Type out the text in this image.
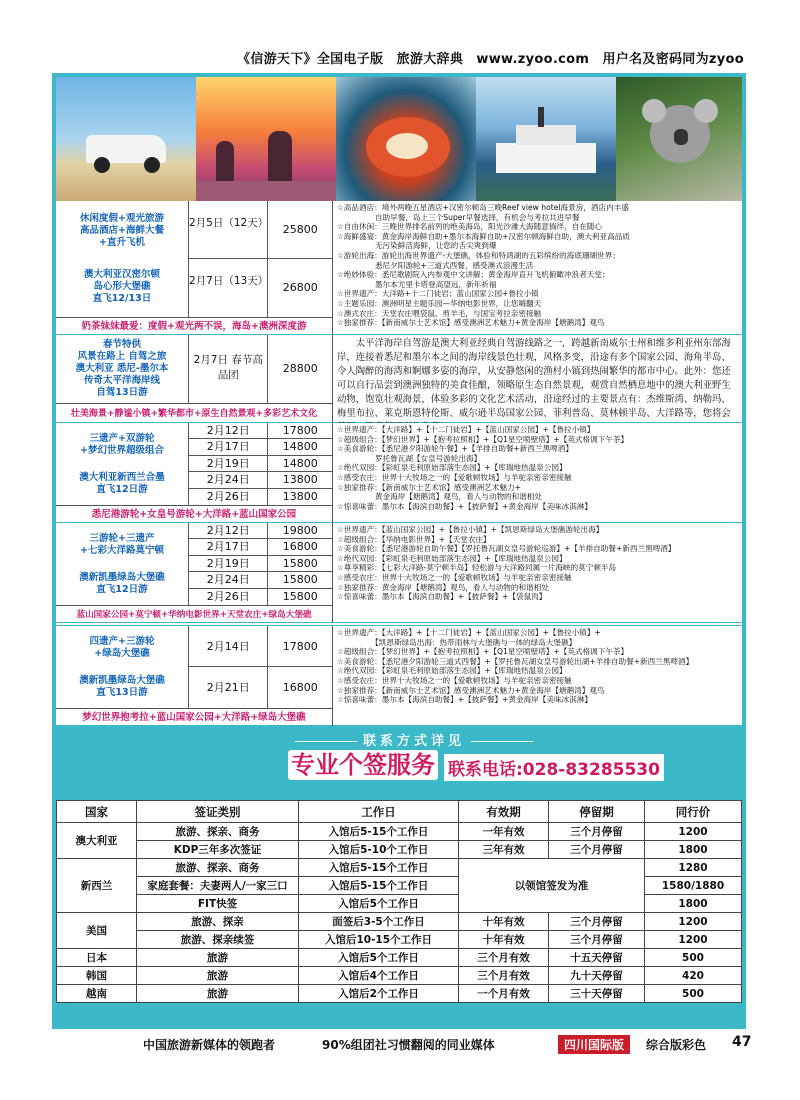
《信游天下》全国电子版　旅游大辞典　www.zyoo.com　用户名及密码同为zyoo
休闲度假+观光旅游
高品酒店+海鲜大餐
+直升飞机
澳大利亚汉密尔顿
岛心形大堡礁
直飞12/13日
2月5日（12天）	25800
2月7日（13天）	26800
奶茶妹妹最爱：度假+观光两不误，海岛+澳洲深度游
☆高品酒店：境外两晚五星酒店+汉密尔顿岛三晚Reef view hotel海景房，酒店内丰盛
　　　　　自助早餐，岛上三个Super早餐选择，有机会与考拉共进早餐
☆自由休闲：三晚世界排名前列的绝美海岛，阳光沙滩大海随意徜徉，自在随心
☆海鲜盛宴：黄金海岸海鲜自助+墨尔本海鲜自助+汉密尔顿海鲜自助，澳大利亚高品质
　　　　　无污染鲜活海鲜，让您的舌尖爽到爆
☆游轮出海：游轮出海世界遗产-大堡礁，体验和特鸿湖的五彩缤纷的海底珊瑚世界；
　　　　　悉尼夕阳游轮+三道式西餐，感受澳式浪漫生活
☆绝妙体验：悉尼歌剧院入内参观中文讲解；黄金海岸直升飞机俯瞰冲浪者天堂；
　　　　　墨尔本尤里卡塔登高望远，新年祈福
☆世界遗产：大洋路+十二门徒岩；蓝山国家公园+鲁拉小镇
☆主题乐园：澳洲明星主题乐园—华纳电影世界，让您嗨翻天
☆澳式农庄：天堂农庄喂袋鼠、剪羊毛，与国宝考拉亲密接触
☆独家推荐：【新南威尔士艺术馆】感受澳洲艺术魅力+黄金海岸【塘鹅湾】观鸟
春节特供
风景在路上 自驾之旅
澳大利亚 悉尼-墨尔本
传奇太平洋海岸线
自驾13日游
2月7日 春节高品团	28800
壮美海景+静谧小镇+繁华都市+原生自然景观+多彩艺术文化
太平洋海岸自驾游是澳大利亚经典自驾游线路之一，跨越新南威尔士州和维多利亚州东部海岸，连接着悉尼和墨尔本之间的海岸线景色壮观，风格多变，沿途有多个国家公园、海角半岛、令人陶醉的海湾和婀娜多姿的海岸，从安静悠闲的渔村小镇到热闹繁华的都市中心。此外：您还可以自行品尝到澳洲独特的美食佳酿，领略原生态自然景观，观赏自然栖息地中的澳大利亚野生动物，饱览壮观海景，体验多彩的文化艺术活动，沿途经过的主要景点有：杰维斯湾、纳勒玛、梅里布拉、莱克斯恩特伦斯、威尔逊半岛国家公园、菲利普岛、莫林顿半岛、大洋路等，您将会
三遗产+双游轮
+梦幻世界超级组合
澳大利亚新西兰合墨
直飞12日游
2月12日	17800
2月17日	14800
2月19日	14800
2月24日	13800
2月26日	13800
悉尼港游轮+女皇号游轮+大洋路+蓝山国家公园
☆世界遗产：【大洋路】+【十二门徒岩】+【蓝山国家公园】+【鲁拉小镇】
☆超级组合：【梦幻世界】+【抱考拉照相】+【Q1星空喷壁塔】+【英式格调下午茶】
☆美食游轮：【悉尼港夕阳游轮午餐】+【羊排自助餐+新西兰黑啤酒】
　　　　　罗托鲁瓦湖【女皇号游轮出海】
☆绝代双园：【彩虹泉毛利原始部落生态园】+【库瑞地热温泉公园】
☆感受农庄：世界十大牧场之一的【爱歌顿牧场】与羊驼亲密亲密接触
☆独家推荐：【新南威尔士艺术馆】感受澳洲艺术魅力+
　　　　　黄金海岸【塘鹅湾】观鸟，看人与动物的和谐相处
☆惊喜味蕾：墨尔本【海滨自助餐】+【披萨餐】+黄金海岸【美味冰淇淋】
三游轮+三遗产
+七彩大洋路莫宁顿
澳新凯墨绿岛大堡礁
直飞12日游
2月12日	19800
2月17日	16800
2月19日	15800
2月24日	15800
2月26日	15800
蓝山国家公园+莫宁顿+华纳电影世界+天堂农庄+绿岛大堡礁
☆世界遗产：【蓝山国家公园】+【鲁拉小镇】+【凯恩斯绿岛大堡礁游轮出海】
☆超级组合：【华纳电影世界】+【天堂农庄】
☆美食游轮：【悉尼港游轮自助午餐】【罗托鲁瓦湖女皇号游轮巡游】+【羊排自助餐+新西兰黑啤酒】
☆绝代双园：【彩虹泉毛利原始部落生态园】+【库瑞地热温泉公园】
☆尊享精彩：【七彩大洋路-莫宁顿半岛】轻松游与大洋路同属一片海峡的莫宁顿半岛
☆感受农庄：世界十大牧场之一的【爱歌顿牧场】与羊驼亲密亲密接触
☆独家推荐：黄金海岸【塘鹅湾】观鸟，看人与动物的和谐相处
☆惊喜味蕾：墨尔本【海滨自助餐】+【披萨餐】+【袋鼠肉】
四遗产+三游轮
+绿岛大堡礁
澳新凯墨绿岛大堡礁
直飞13日游
2月14日	17800
2月21日	16800
梦幻世界抱考拉+蓝山国家公园+大洋路+绿岛大堡礁
☆世界遗产：【大洋路】+【十二门徒岩】+【蓝山国家公园】+【鲁拉小镇】+
　　　　　【凯恩斯绿岛出海：热带雨林与大堡礁与一体的绿岛大堡礁】
☆超级组合：【梦幻世界】+【抱考拉照相】+【Q1星空喷壁塔】+【英式格调下午茶】
☆美食游轮：【悉尼港夕阳游轮三道式西餐】+【罗托鲁瓦湖女皇号游轮出湖+羊排自助餐+新西兰黑啤酒】
☆绝代双园：【彩虹泉毛利原始部落生态园】+【库瑞地热温泉公园】
☆感受农庄：世界十大牧场之一的【爱歌顿牧场】与羊驼亲密亲密接触
☆独家推荐：【新南威尔士艺术馆】感受澳洲艺术魅力+黄金海岸【塘鹅湾】观鸟
☆惊喜味蕾：墨尔本【海滨自助餐】+【披萨餐】+黄金海岸【美味冰淇淋】
联系方式详见
专业个签服务 联系电话:028-83285530
国家	签证类别	工作日	有效期	停留期	同行价
澳大利亚	旅游、探亲、商务	入馆后5-15个工作日	一年有效	三个月停留	1200
	KDP三年多次签证	入馆后5-10个工作日	三年有效	三个月停留	1800
新西兰	旅游、探亲、商务	入馆后5-15个工作日	以领馆签发为准		1280
	家庭套餐：夫妻两人/一家三口	入馆后5-15个工作日			1580/1880
	FIT快签	入馆后5个工作日			1800
美国	旅游、探亲	面签后3-5个工作日	十年有效	三个月停留	1200
	旅游、探亲续签	入馆后10-15个工作日	十年有效	三个月停留	1200
日本	旅游	入馆后5个工作日	三个月有效	十五天停留	500
韩国	旅游	入馆后4个工作日	三个月有效	九十天停留	420
越南	旅游	入馆后2个工作日	一个月有效	三十天停留	500
中国旅游新媒体的领跑者	90%组团社习惯翻阅的同业媒体	四川国际版	综合版彩色 47
